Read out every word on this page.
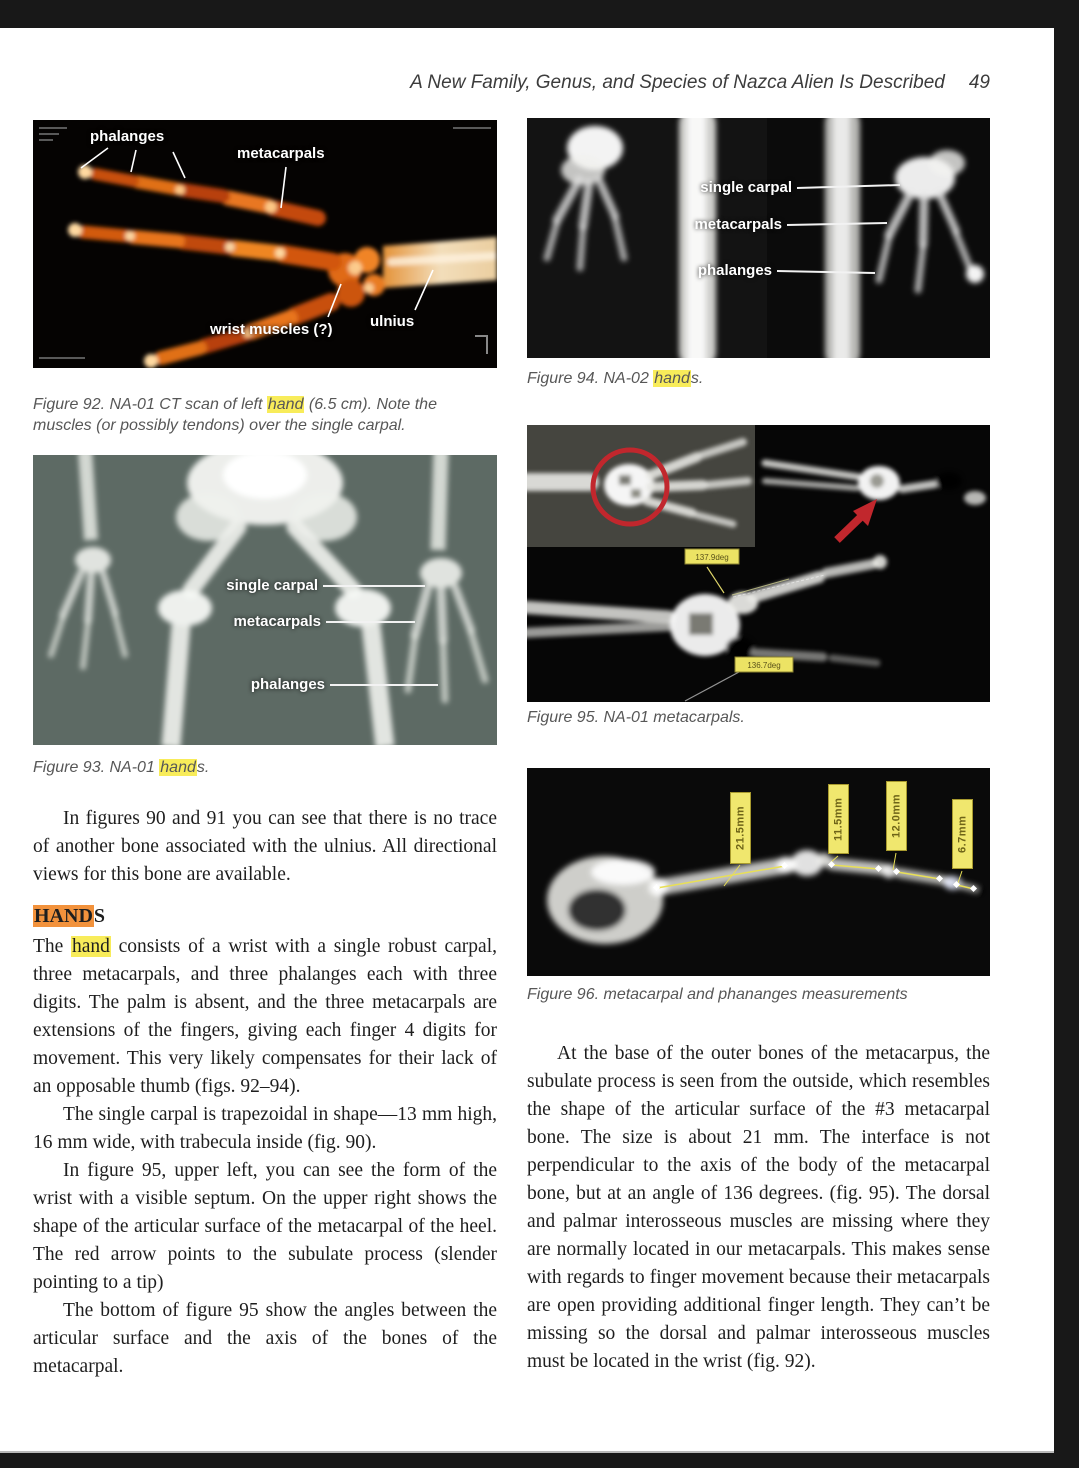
A New Family, Genus, and Species of Nazca Alien Is Described 49
phalanges
metacarpals
wrist muscles (?) ulnius
Figure 92. NA-01 CT scan of left hand (6.5 cm). Note the muscles (or possibly tendons) over the single carpal.
single carpal
metacarpals
phalanges
Figure 93. NA-01 hands.

In figures 90 and 91 you can see that there is no trace of another bone associated with the ulnius. All directional views for this bone are available.

HANDS

The hand consists of a wrist with a single robust carpal, three metacarpals, and three phalanges each with three digits. The palm is absent, and the three metacarpals are extensions of the fingers, giving each finger 4 digits for movement. This very likely compensates for their lack of an opposable thumb (figs. 92–94).

The single carpal is trapezoidal in shape—13 mm high, 16 mm wide, with trabecula inside (fig. 90).

In figure 95, upper left, you can see the form of the wrist with a visible septum. On the upper right shows the shape of the articular surface of the metacarpal of the heel. The red arrow points to the subulate process (slender pointing to a tip)

The bottom of figure 95 show the angles between the articular surface and the axis of the bones of the metacarpal.

single carpal
metacarpals
phalanges
Figure 94. NA-02 hands.
137.9deg
136.7deg
Figure 95. NA-01 metacarpals.
21.5mm	11.5mm	12.0mm	6.7mm
Figure 96. metacarpal and phananges measurements

At the base of the outer bones of the metacarpus, the subulate process is seen from the outside, which resembles the shape of the articular surface of the #3 metacarpal bone. The size is about 21 mm. The interface is not perpendicular to the axis of the body of the metacarpal bone, but at an angle of 136 degrees. (fig. 95). The dorsal and palmar interosseous muscles are missing where they are normally located in our metacarpals. This makes sense with regards to finger movement because their metacarpals are open providing additional finger length. They can’t be missing so the dorsal and palmar interosseous muscles must be located in the wrist (fig. 92).
